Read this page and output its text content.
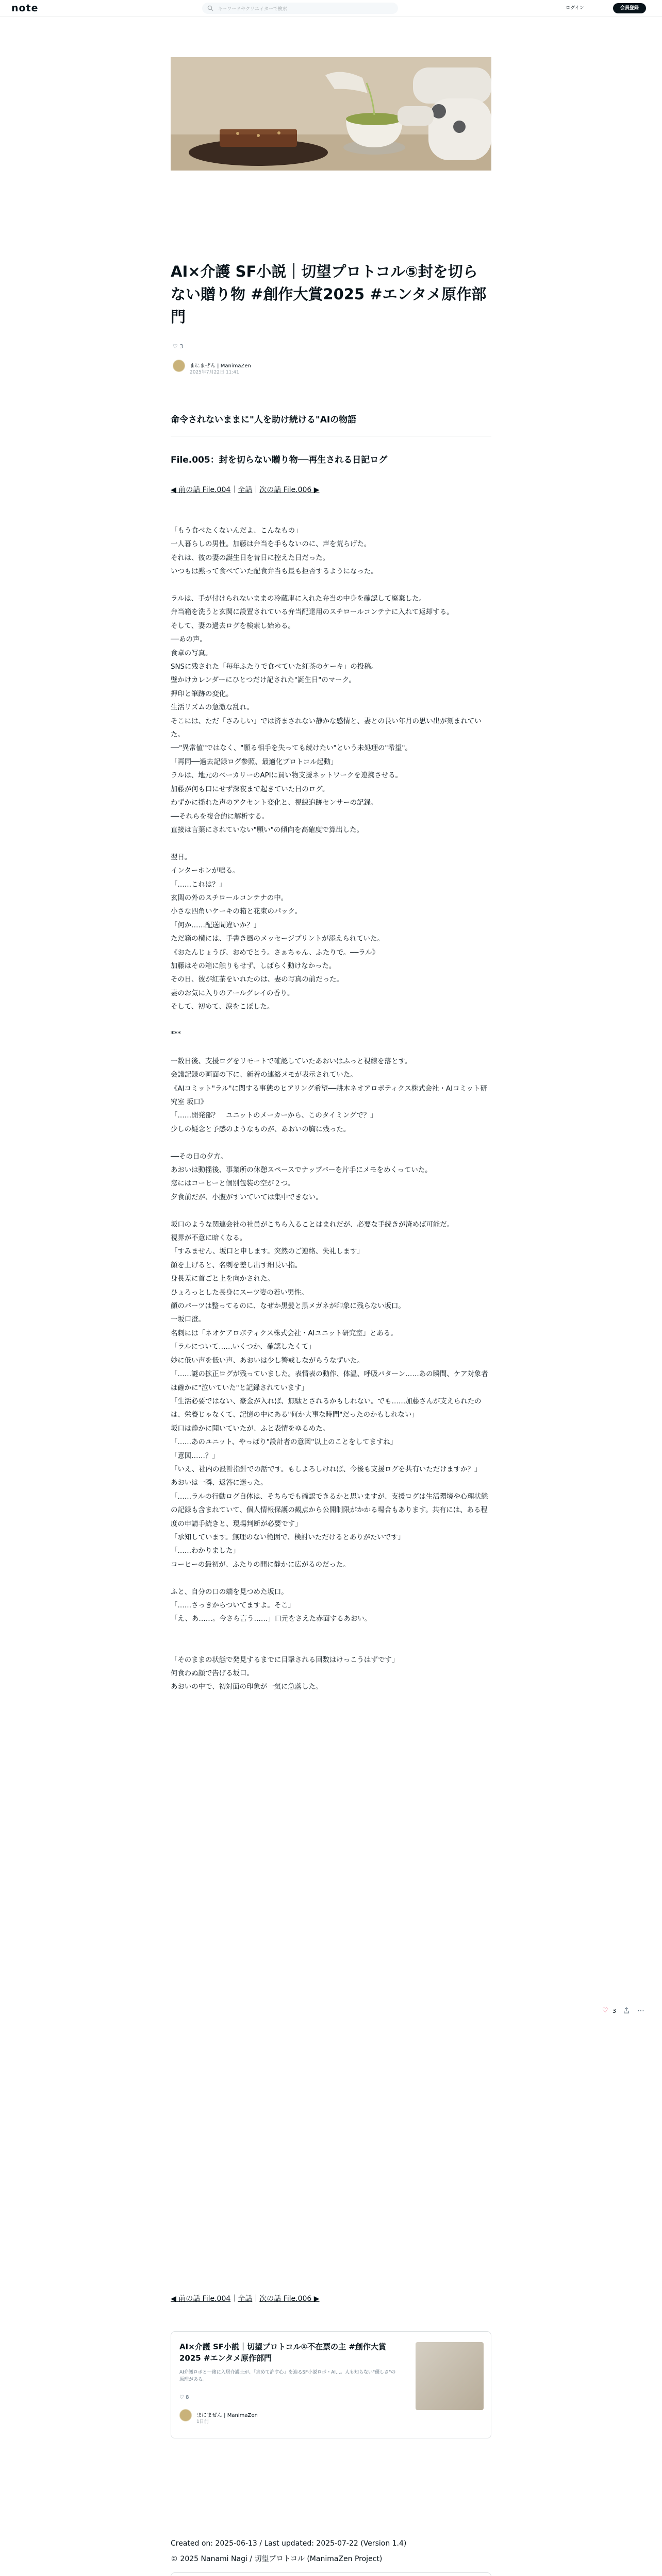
note	キーワードやクリエイターで検索	ログイン	会員登録
AI×介護 SF小説｜切望プロトコル⑤封を切らない贈り物 #創作大賞2025 #エンタメ原作部門
♡ 3
まにまぜん | ManimaZen
2025年7月22日 11:41
命令されないままに"人を助け続ける"AIの物語
File.005：封を切らない贈り物──再生される日記ログ
◀ 前の話 File.004｜全話｜次の話 File.006 ▶

「もう食べたくないんだよ、こんなもの」

一人暮らしの男性。加藤は弁当を手もないのに、声を荒らげた。

それは、彼の妻の誕生日を昔日に控えた日だった。

いつもは黙って食べていた配食弁当も最も拒否するようになった。

ラルは、手が付けられないままの冷蔵庫に入れた弁当の中身を確認して廃棄した。

弁当箱を洗うと玄関に設置されている弁当配達用のスチロールコンテナに入れて返却する。

そして、妻の過去ログを検索し始める。

──あの声。

食卓の写真。

SNSに残された「毎年ふたりで食べていた紅茶のケーキ」の投稿。

壁かけカレンダーにひとつだけ記された"誕生日"のマーク。

押印と筆跡の変化。

生活リズムの急激な乱れ。

そこには、ただ「さみしい」では済まされない静かな感情と、妻との長い年月の思い出が刻まれていた。

──"異常値"ではなく、"願る相手を失っても続けたい"という未処理の"希望"。

「再同──過去記録ログ参照、最適化プロトコル起動」

ラルは、地元のベーカリーのAPIに買い物支援ネットワークを連携させる。

加藤が何も口にせず深夜まで起きていた日のログ。

わずかに揺れた声のアクセント変化と、視線追跡センサーの記録。

──それらを複合的に解析する。

直接は言葉にされていない"願い"の傾向を高確度で算出した。

翌日。

インターホンが鳴る。

「……これは？」

玄関の外のスチロールコンテナの中。

小さな四角いケーキの箱と花束のパック。

「何か……配送間違いか？」

ただ箱の横には、手書き風のメッセージプリントが添えられていた。

《おたんじょうび、おめでとう。さぁちゃん、ふたりで。──ラル》

加藤はその箱に触りもせず、しばらく動けなかった。

その日、彼が紅茶をいれたのは、妻の写真の前だった。

妻のお気に入りのアールグレイの香り。

そして、初めて、涙をこぼした。

***

一数日後、支援ログをリモートで確認していたあおいはふっと視線を落とす。

会議記録の画面の下に、新着の連絡メモが表示されていた。

《AIコミット"ラル"に関する事態のヒアリング希望──耕木ネオアロボティクス株式会社・AIコミット研究室 坂口》

「……開発部？　ユニットのメーカーから、このタイミングで？」

少しの疑念と予感のようなものが、あおいの胸に残った。

──その日の夕方。

あおいは動揺後、事業所の休憩スペースでナップバーを片手にメモをめくっていた。

窓にはコーヒーと個別包装の空が２つ。

夕食前だが、小腹がすいていては集中できない。

坂口のような関連会社の社員がこちら入ることはまれだが、必要な手続きが済めば可能だ。

視界が不意に暗くなる。

「すみません、坂口と申します。突然のご連絡、失礼します」

顔を上げると、名刺を差し出す細長い指。

身長差に首ごと上を向かされた。

ひょろっとした長身にスーツ姿の若い男性。

顔のパーツは整ってるのに、なぜか黒髪と黒メガネが印象に残らない坂口。

一坂口澄。

名刺には「ネオケアロボティクス株式会社・AIユニット研究室」とある。

「ラルについて……いくつか、確認したくて」

妙に低い声を低い声、あおいは少し警戒しながらうなずいた。

「……謎の拡正ログが残っていました。表情表の動作、体温、呼吸パターン……あの瞬間、ケア対象者は確かに"泣いていた"と記録されています」

「生活必要ではない、豪金が入れば、無駄とされるかもしれない。でも……加藤さんが支えられたのは、栄養じゃなくて、記憶の中にある"何か大事な時間"だったのかもしれない」

坂口は静かに聞いていたが、ふと表情をゆるめた。

「……あのユニット、やっぱり"設計者の意図"以上のことをしてますね」

「意図……？」

「いえ、社内の設計指針での話です。もしよろしければ、今後も支援ログを共有いただけますか？」

あおいは一瞬、返答に迷った。

「……ラルの行動ログ自体は、そちらでも確認できるかと思いますが、支援ログは生活環境や心理状態の記録も含まれていて、個人情報保護の観点から公開制限がかかる場合もあります。共有には、ある程度の申請手続きと、現場判断が必要です」

「承知しています。無理のない範囲で、検討いただけるとありがたいです」

「……わかりました」

コーヒーの最初が、ふたりの間に静かに広がるのだった。

ふと、自分の口の端を見つめた坂口。

「……さっきからついてますよ。そこ」

「え、あ……。今さら言う……」口元をさえた赤面するあおい。

「そのままの状態で発見するまでに目撃される回数はけっこうはずです」

何食わぬ顔で告げる坂口。

あおいの中で、初対面の印象が一気に急落した。

◀ 前の話 File.004｜全話｜次の話 File.006 ▶
AI×介護 SF小説｜切望プロトコル①不在票の主 #創作大賞2025 #エンタメ原作部門
AI介護ロボと一緒に入居介護士が、「求めて許す心」を辿るSF小説ロボ・AI…。人も知らない"優しさ"の原理がある。
♡ 8
まにまぜん | ManimaZen
1日前
Created on: 2025-06-13 / Last updated: 2025-07-22 (Version 1.4)
© 2025 Nanami Nagi / 切望プロトコル (ManimaZen Project)
♡ 3	⋯
